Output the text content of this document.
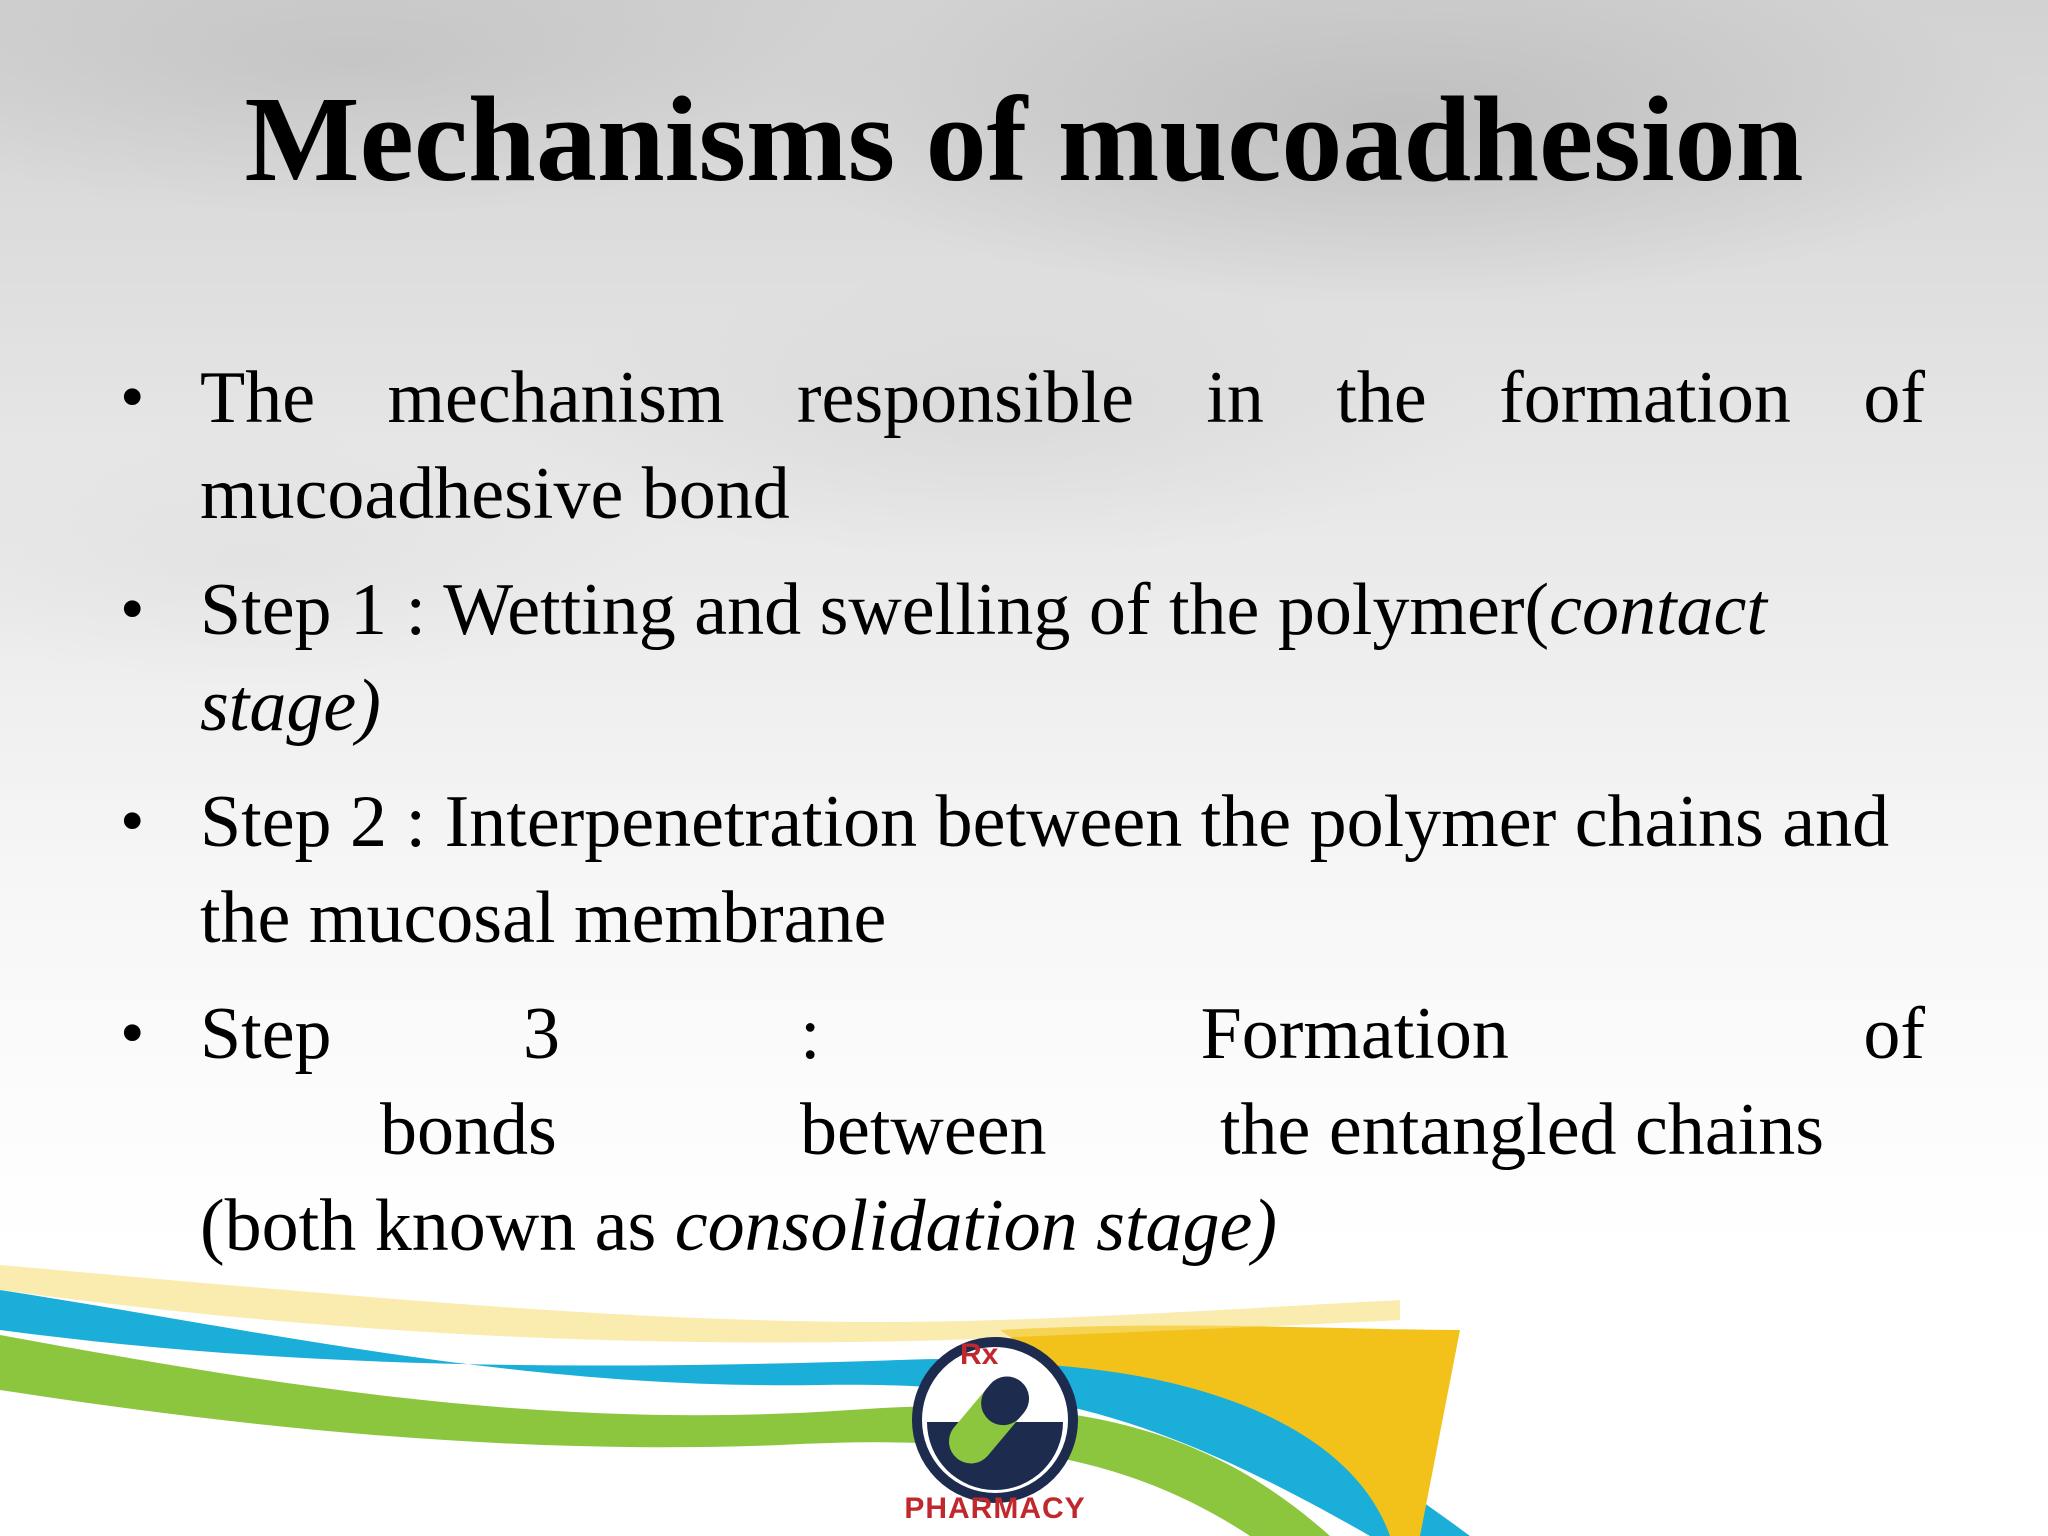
Mechanisms of mucoadhesion
• The mechanism responsible in the formation of mucoadhesive bond
• Step 1 : Wetting and swelling of the polymer(contact stage)
• Step 2 : Interpenetration between the polymer chains and the mucosal membrane
• Step	3	:	Formation	of
bonds	between	the entangled chains
(both known as consolidation stage)
Rx
PHARMACY
